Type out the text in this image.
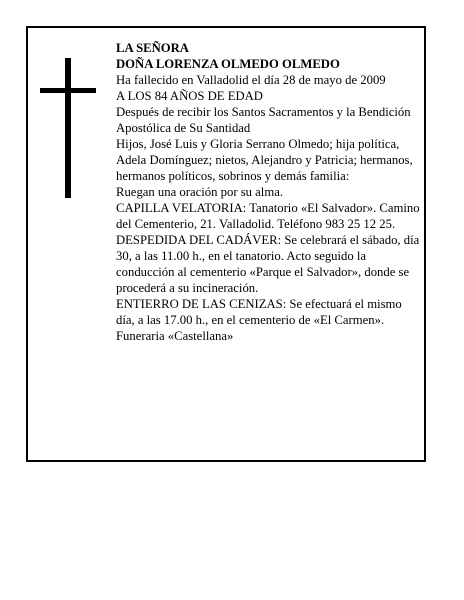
LA SEÑORA

DOÑA LORENZA OLMEDO OLMEDO

Ha fallecido en Valladolid el día 28 de mayo de 2009

A LOS 84 AÑOS DE EDAD

Después de recibir los Santos Sacramentos y la Bendición Apostólica de Su Santidad

Hijos, José Luis y Gloria Serrano Olmedo; hija política, Adela Domínguez; nietos, Alejandro y Patricia; hermanos, hermanos políticos, sobrinos y demás familia:

Ruegan una oración por su alma.

CAPILLA VELATORIA: Tanatorio «El Salvador». Camino del Cementerio, 21. Valladolid. Teléfono 983 25 12 25.

DESPEDIDA DEL CADÁVER: Se celebrará el sábado, día 30, a las 11.00 h., en el tanatorio. Acto seguido la conducción al cementerio «Parque el Salvador», donde se procederá a su incineración.

ENTIERRO DE LAS CENIZAS: Se efectuará el mismo día, a las 17.00 h., en el cementerio de «El Carmen».

Funeraria «Castellana»
